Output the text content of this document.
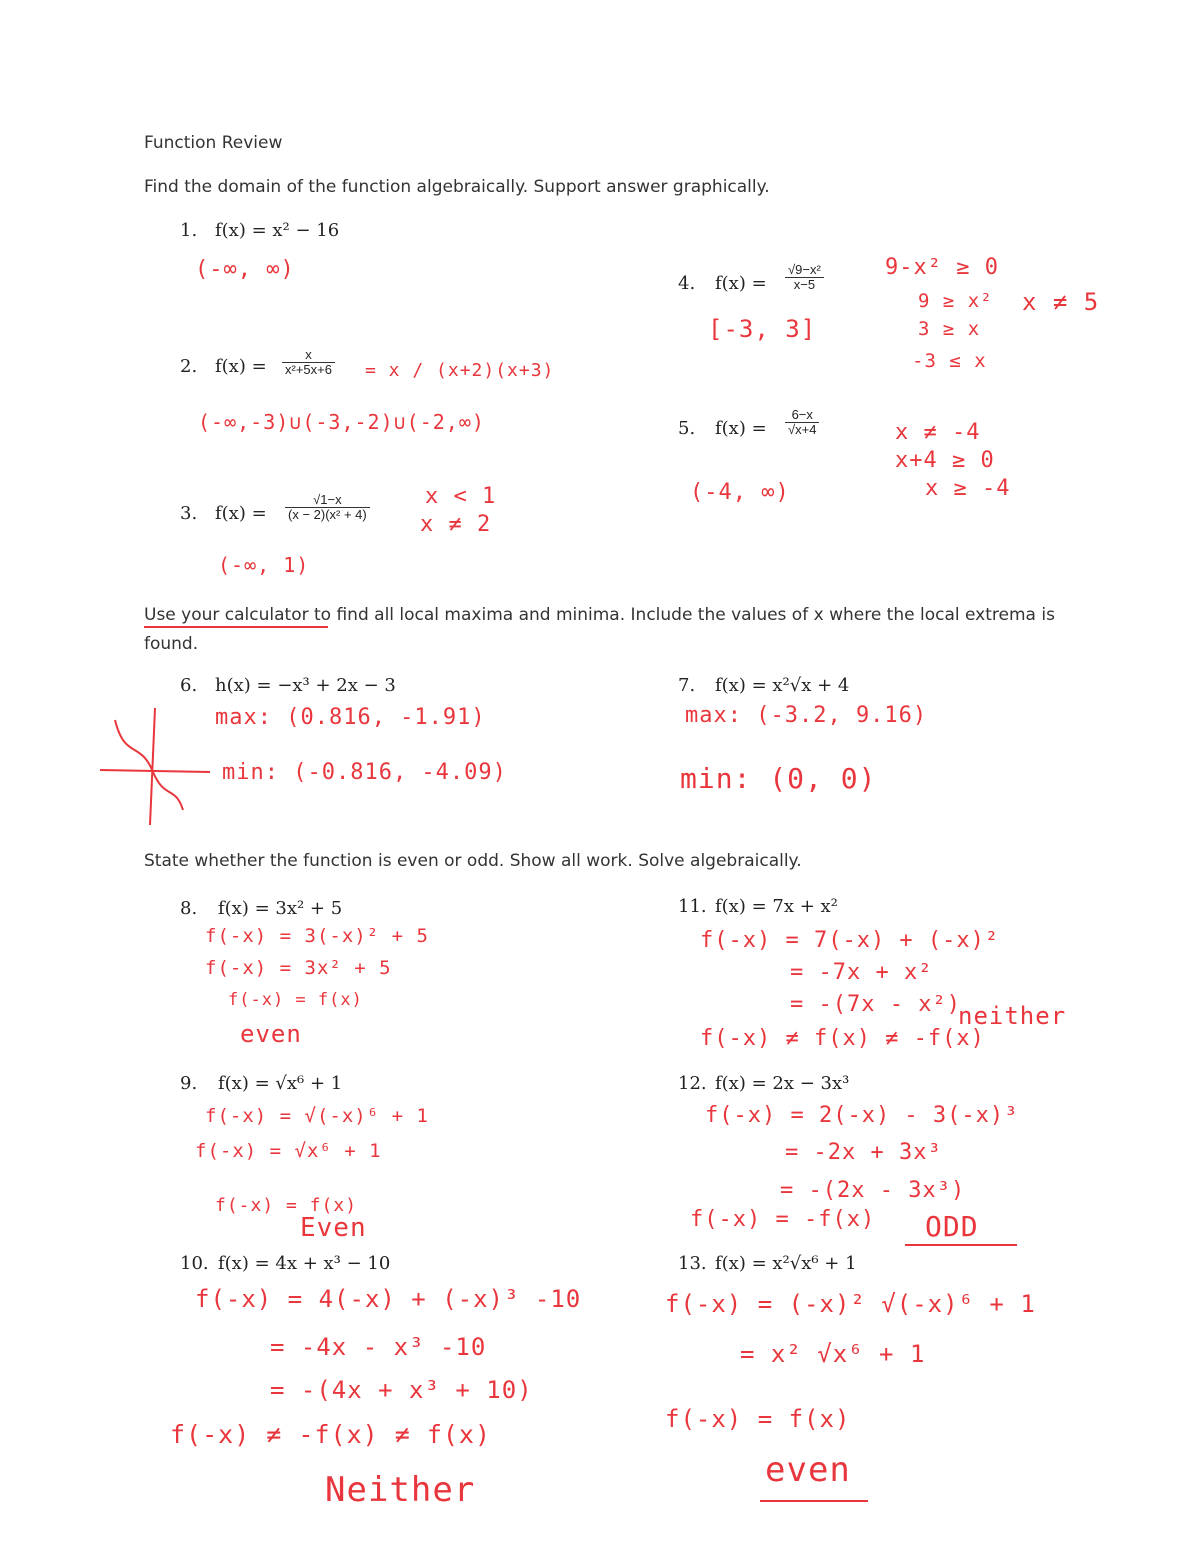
Function Review
Find the domain of the function algebraically. Support answer graphically.
1. f(x) = x² − 16
(-∞, ∞)
2. $f(x) = \frac{x}{\text{x²+5x+6}} = x / (x+2)(x+3)$
(-∞,-3)∪(-3,-2)∪(-2,∞)
3. $f(x) = \frac{√1-x}{\text{(x − 2)(x² + 4)}}$	x < 1
x ≠ 2
(-∞, 1)
4. $f(x) = \frac{\text{√9−x²}}{x-5}$
[-3, 3]
9-x² ≥ 0
9 ≥ x²
3 ≥ x
-3 ≤ x
x ≠ 5
5. $f(x) = \frac{6-x}{√x+4}$
(-4, ∞)
x ≠ -4
x+4 ≥ 0
x ≥ -4
Use your calculator to find all local maxima and minima. Include the values of x where the local extrema is found.
6. h(x) = −x³ + 2x − 3
max: (0.816, -1.91)
min: (-0.816, -4.09)
7. f(x) = x²√x + 4
max: (-3.2, 9.16)
min: (0, 0)
State whether the function is even or odd. Show all work. Solve algebraically.
8. f(x) = 3x² + 5
f(-x) = 3(-x)² + 5
f(-x) = 3x² + 5
f(-x) = f(x)
even
9. f(x) = √x⁶ + 1
f(-x) = √(-x)⁶ + 1
f(-x) = √x⁶ + 1
f(-x) = f(x)
Even
10. f(x) = 4x + x³ − 10
f(-x) = 4(-x) + (-x)³ -10
= -4x - x³ -10
= -(4x + x³ + 10)
f(-x) ≠ -f(x) ≠ f(x)
Neither
11. f(x) = 7x + x²
f(-x) = 7(-x) + (-x)²
= -7x + x²
= -(7x - x²)
f(-x) ≠ f(x) ≠ -f(x)
neither
12. f(x) = 2x − 3x³
f(-x) = 2(-x) - 3(-x)³
= -2x + 3x³
= -(2x - 3x³)
f(-x) = -f(x) ODD
13. f(x) = x²√x⁶ + 1
f(-x) = (-x)² √(-x)⁶ + 1
= x² √x⁶ + 1
f(-x) = f(x)
even
